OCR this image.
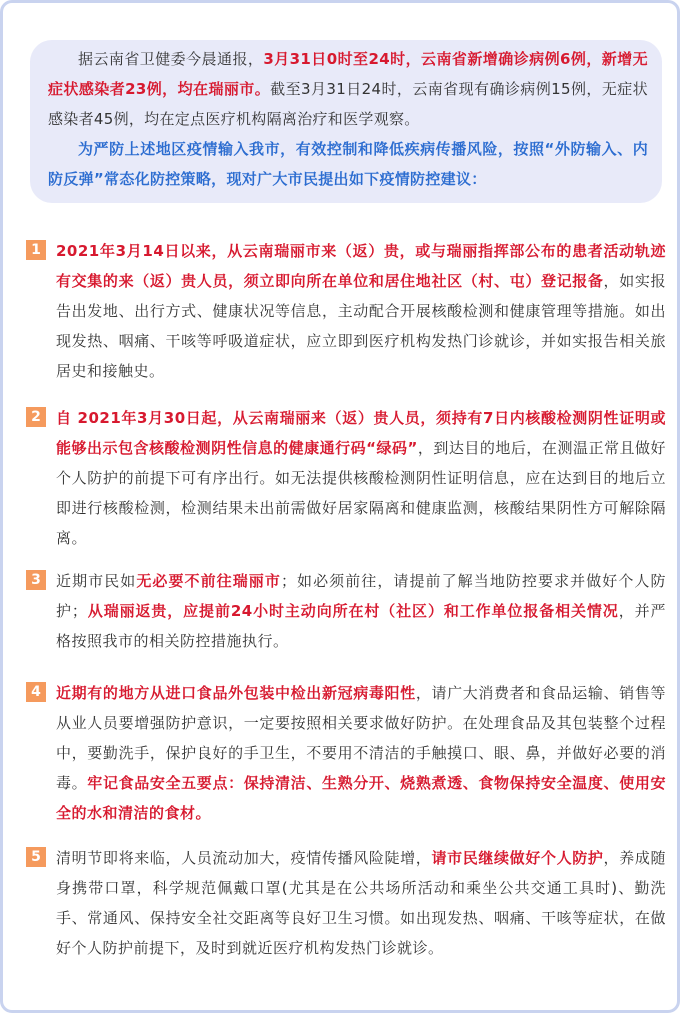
据云南省卫健委今晨通报，3月31日0时至24时，云南省新增确诊病例6例，新增无症状感染者23例，均在瑞丽市。截至3月31日24时，云南省现有确诊病例15例，无症状感染者45例，均在定点医疗机构隔离治疗和医学观察。

为严防上述地区疫情输入我市，有效控制和降低疾病传播风险，按照“外防输入、内防反弹”常态化防控策略，现对广大市民提出如下疫情防控建议：

1	2021年3月14日以来，从云南瑞丽市来（返）贵，或与瑞丽指挥部公布的患者活动轨迹有交集的来（返）贵人员，须立即向所在单位和居住地社区（村、屯）登记报备，如实报告出发地、出行方式、健康状况等信息，主动配合开展核酸检测和健康管理等措施。如出现发热、咽痛、干咳等呼吸道症状，应立即到医疗机构发热门诊就诊，并如实报告相关旅居史和接触史。

2	自 2021年3月30日起，从云南瑞丽来（返）贵人员，须持有7日内核酸检测阴性证明或能够出示包含核酸检测阴性信息的健康通行码“绿码”，到达目的地后，在测温正常且做好个人防护的前提下可有序出行。如无法提供核酸检测阴性证明信息，应在达到目的地后立即进行核酸检测，检测结果未出前需做好居家隔离和健康监测，核酸结果阴性方可解除隔离。

3	近期市民如无必要不前往瑞丽市；如必须前往，请提前了解当地防控要求并做好个人防护；从瑞丽返贵，应提前24小时主动向所在村（社区）和工作单位报备相关情况，并严格按照我市的相关防控措施执行。

4	近期有的地方从进口食品外包装中检出新冠病毒阳性，请广大消费者和食品运输、销售等从业人员要增强防护意识，一定要按照相关要求做好防护。在处理食品及其包装整个过程中，要勤洗手，保护良好的手卫生，不要用不清洁的手触摸口、眼、鼻，并做好必要的消毒。牢记食品安全五要点：保持清洁、生熟分开、烧熟煮透、食物保持安全温度、使用安全的水和清洁的食材。

5	清明节即将来临，人员流动加大，疫情传播风险陡增，请市民继续做好个人防护，养成随身携带口罩，科学规范佩戴口罩(尤其是在公共场所活动和乘坐公共交通工具时)、勤洗手、常通风、保持安全社交距离等良好卫生习惯。如出现发热、咽痛、干咳等症状，在做好个人防护前提下，及时到就近医疗机构发热门诊就诊。
